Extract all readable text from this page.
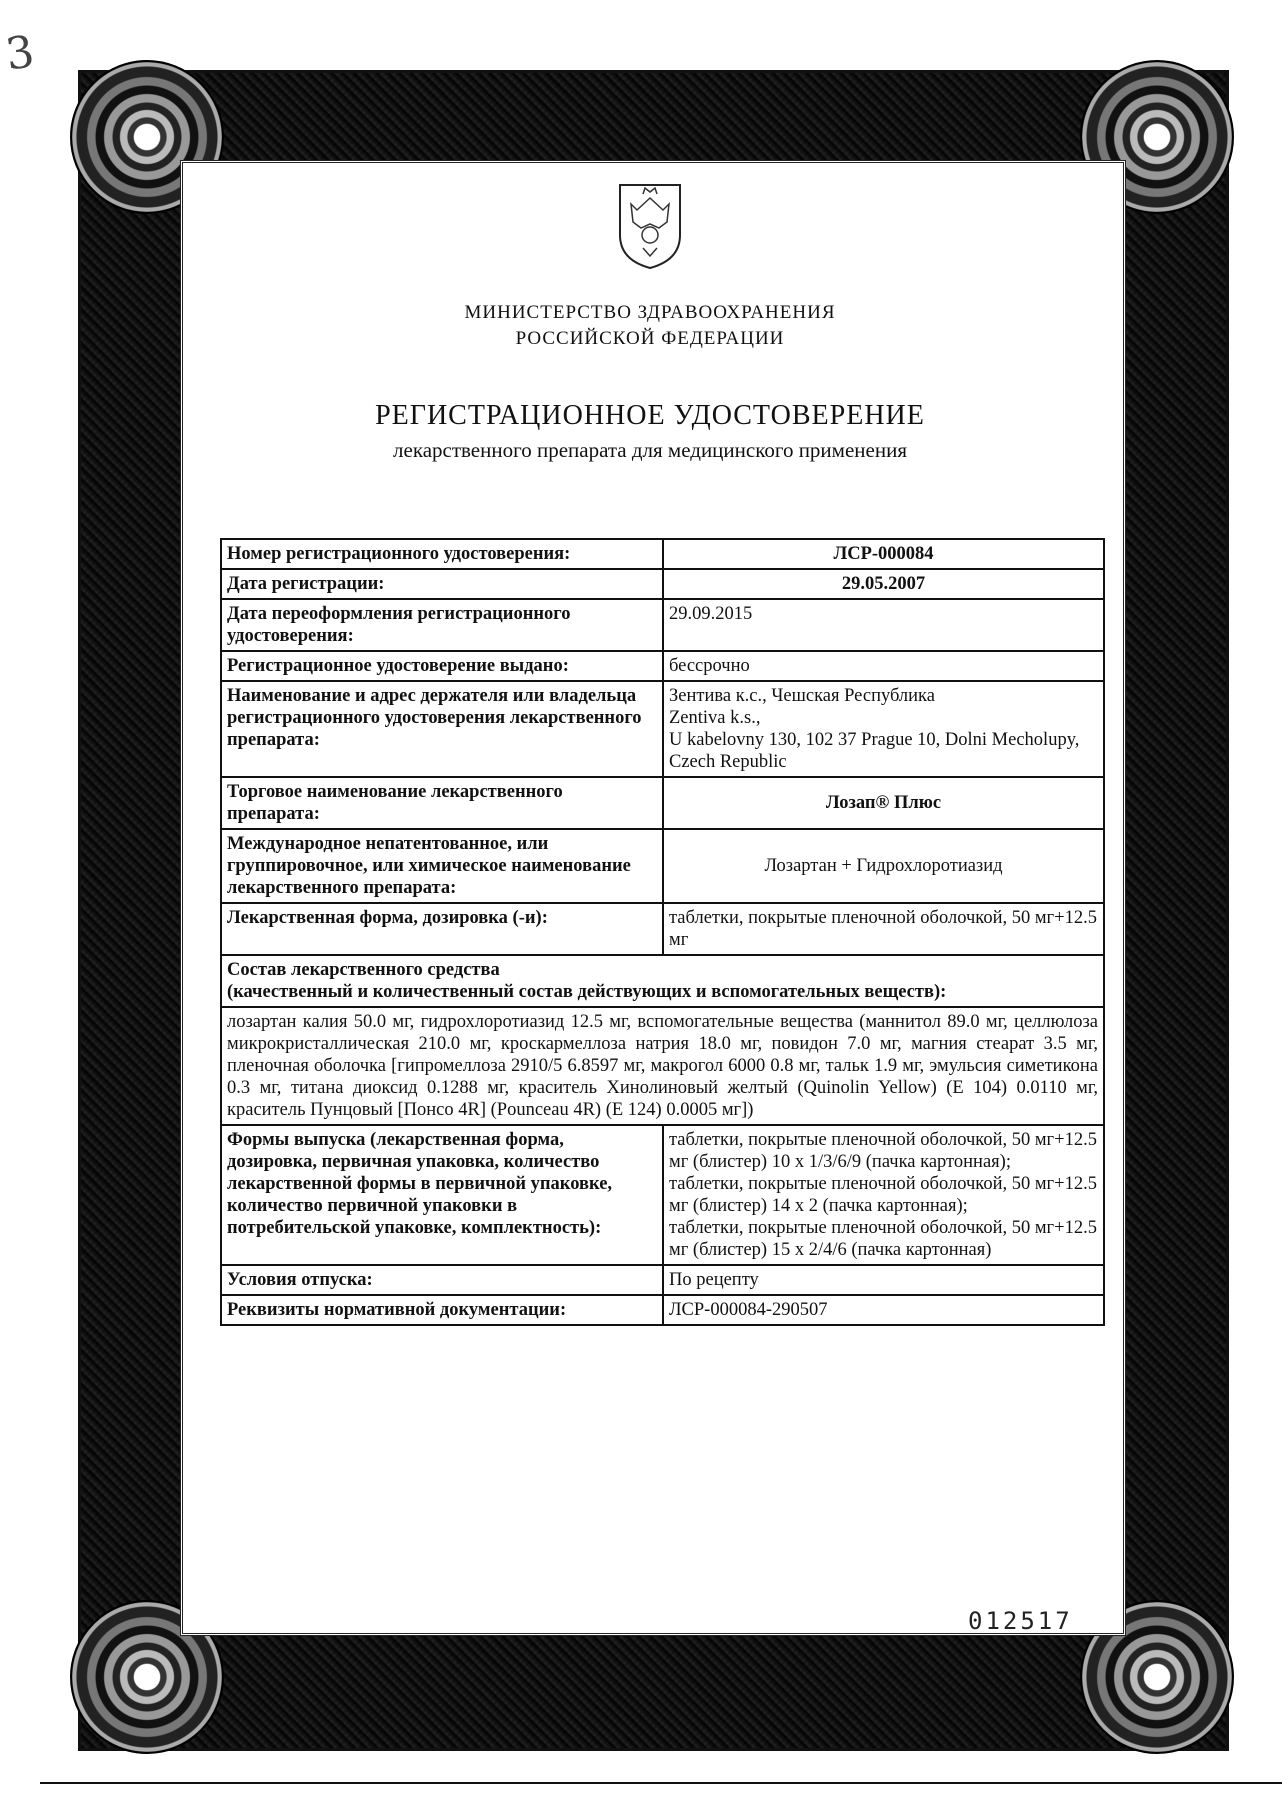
3
МИНИСТЕРСТВО ЗДРАВООХРАНЕНИЯ
РОССИЙСКОЙ ФЕДЕРАЦИИ
РЕГИСТРАЦИОННОЕ УДОСТОВЕРЕНИЕ
лекарственного препарата для медицинского применения
Номер регистрационного удостоверения:	ЛСР-000084
Дата регистрации:	29.05.2007
Дата переоформления регистрационного удостоверения:	29.09.2015
Регистрационное удостоверение выдано:	бессрочно
Наименование и адрес держателя или владельца регистрационного удостоверения лекарственного препарата:	Зентива к.с., Чешская Республика
Zentiva k.s.,
U kabelovny 130, 102 37 Prague 10, Dolni Mecholupy, Czech Republic

Торговое наименование лекарственного препарата:	Лозап® Плюс
Международное непатентованное, или группировочное, или химическое наименование лекарственного препарата:	Лозартан + Гидрохлоротиазид
Лекарственная форма, дозировка (-и):	таблетки, покрытые пленочной оболочкой, 50 мг+12.5 мг

Состав лекарственного средства
(качественный и количественный состав действующих и вспомогательных веществ):	

лозартан калия 50.0 мг, гидрохлоротиазид 12.5 мг, вспомогательные вещества (маннитол 89.0 мг, целлюлоза микрокристаллическая 210.0 мг, кроскармеллоза натрия 18.0 мг, повидон 7.0 мг, магния стеарат 3.5 мг, пленочная оболочка [гипромеллоза 2910/5 6.8597 мг, макрогол 6000 0.8 мг, тальк 1.9 мг, эмульсия симетикона 0.3 мг, титана диоксид 0.1288 мг, краситель Хинолиновый желтый (Quinolin Yellow) (Е 104) 0.0110 мг, краситель Пунцовый [Понсо 4R] (Pounceau 4R) (Е 124) 0.0005 мг])	
Формы выпуска (лекарственная форма, дозировка, первичная упаковка, количество лекарственной формы в первичной упаковке, количество первичной упаковки в потребительской упаковке, комплектность):	таблетки, покрытые пленочной оболочкой, 50 мг+12.5 мг (блистер) 10 x 1/3/6/9 (пачка картонная);
таблетки, покрытые пленочной оболочкой, 50 мг+12.5 мг (блистер) 14 x 2 (пачка картонная);
таблетки, покрытые пленочной оболочкой, 50 мг+12.5 мг (блистер) 15 x 2/4/6 (пачка картонная)

Условия отпуска:	По рецепту
Реквизиты нормативной документации:	ЛСР-000084-290507
012517
